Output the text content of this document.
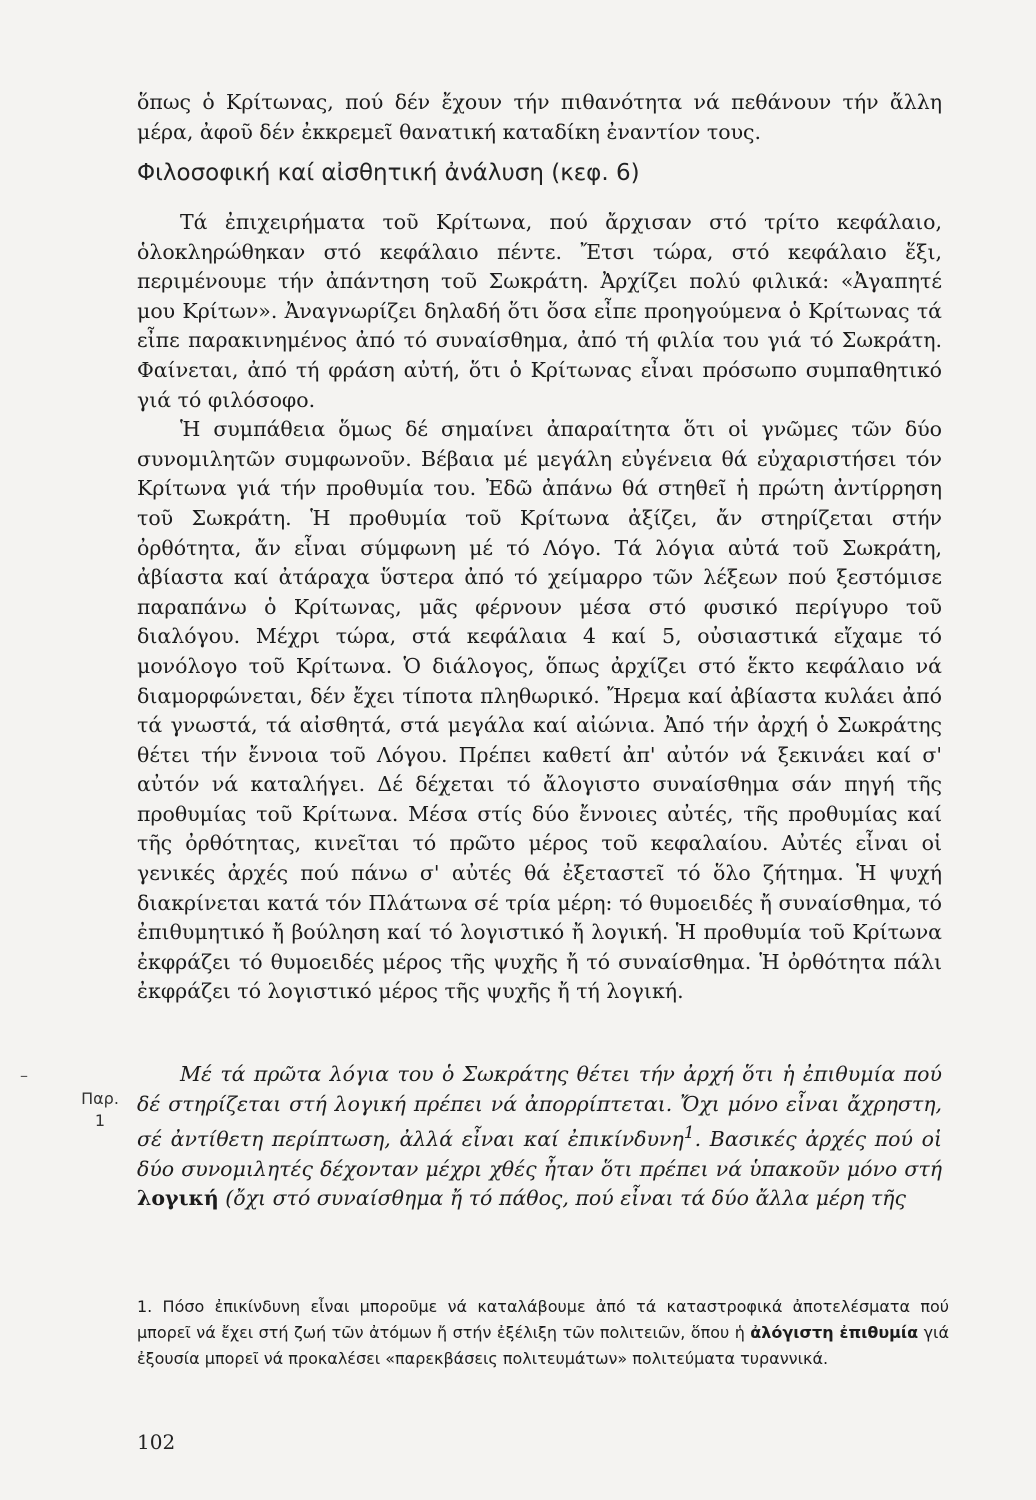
ὅπως ὁ Κρίτωνας, πού δέν ἔχουν τήν πιθανότητα νά πεθάνουν τήν ἄλλη μέρα, ἀφοῦ δέν ἐκκρεμεῖ θανατική καταδίκη ἐναντίον τους.

Φιλοσοφική καί αἰσθητική ἀνάλυση (κεφ. 6)

Τά ἐπιχειρήματα τοῦ Κρίτωνα, πού ἄρχισαν στό τρίτο κεφάλαιο, ὁλοκληρώθηκαν στό κεφάλαιο πέντε. Ἔτσι τώρα, στό κεφάλαιο ἕξι, περιμένουμε τήν ἀπάντηση τοῦ Σωκράτη. Ἀρχίζει πολύ φιλικά: «Ἀγαπητέ μου Κρίτων». Ἀναγνωρίζει δηλαδή ὅτι ὅσα εἶπε προηγούμενα ὁ Κρίτωνας τά εἶπε παρακινημένος ἀπό τό συναίσθημα, ἀπό τή φιλία του γιά τό Σωκράτη. Φαίνεται, ἀπό τή φράση αὐτή, ὅτι ὁ Κρίτωνας εἶναι πρόσωπο συμπαθητικό γιά τό φιλόσοφο.

Ἡ συμπάθεια ὅμως δέ σημαίνει ἀπαραίτητα ὅτι οἱ γνῶμες τῶν δύο συνομιλητῶν συμφωνοῦν. Βέβαια μέ μεγάλη εὐγένεια θά εὐχαριστήσει τόν Κρίτωνα γιά τήν προθυμία του. Ἐδῶ ἀπάνω θά στηθεῖ ἡ πρώτη ἀντίρρηση τοῦ Σωκράτη. Ἡ προθυμία τοῦ Κρίτωνα ἀξίζει, ἄν στηρίζεται στήν ὀρθότητα, ἄν εἶναι σύμφωνη μέ τό Λόγο. Τά λόγια αὐτά τοῦ Σωκράτη, ἀβίαστα καί ἀτάραχα ὕστερα ἀπό τό χείμαρρο τῶν λέξεων πού ξεστόμισε παραπάνω ὁ Κρίτωνας, μᾶς φέρνουν μέσα στό φυσικό περίγυρο τοῦ διαλόγου. Μέχρι τώρα, στά κεφάλαια 4 καί 5, οὐσιαστικά εἴχαμε τό μονόλογο τοῦ Κρίτωνα. Ὁ διάλογος, ὅπως ἀρχίζει στό ἕκτο κεφάλαιο νά διαμορφώνεται, δέν ἔχει τίποτα πληθωρικό. Ἤρεμα καί ἀβίαστα κυλάει ἀπό τά γνωστά, τά αἰσθητά, στά μεγάλα καί αἰώνια. Ἀπό τήν ἀρχή ὁ Σωκράτης θέτει τήν ἔννοια τοῦ Λόγου. Πρέπει καθετί ἀπ' αὐτόν νά ξεκινάει καί σ' αὐτόν νά καταλήγει. Δέ δέχεται τό ἄλογιστο συναίσθημα σάν πηγή τῆς προθυμίας τοῦ Κρίτωνα. Μέσα στίς δύο ἔννοιες αὐτές, τῆς προθυμίας καί τῆς ὀρθότητας, κινεῖται τό πρῶτο μέρος τοῦ κεφαλαίου. Αὐτές εἶναι οἱ γενικές ἀρχές πού πάνω σ' αὐτές θά ἐξεταστεῖ τό ὅλο ζήτημα. Ἡ ψυχή διακρίνεται κατά τόν Πλάτωνα σέ τρία μέρη: τό θυμοειδές ἤ συναίσθημα, τό ἐπιθυμητικό ἤ βούληση καί τό λογιστικό ἤ λογική. Ἡ προθυμία τοῦ Κρίτωνα ἐκφράζει τό θυμοειδές μέρος τῆς ψυχῆς ἤ τό συναίσθημα. Ἡ ὀρθότητα πάλι ἐκφράζει τό λογιστικό μέρος τῆς ψυχῆς ἤ τή λογική.

–
Παρ.
1

Μέ τά πρῶτα λόγια του ὁ Σωκράτης θέτει τήν ἀρχή ὅτι ἡ ἐπιθυμία πού δέ στηρίζεται στή λογική πρέπει νά ἀπορρίπτεται. Ὄχι μόνο εἶναι ἄχρηστη, σέ ἀντίθετη περίπτωση, ἀλλά εἶναι καί ἐπικίνδυνη$^1$. Βασικές ἀρχές πού οἱ δύο συνομιλητές δέχονταν μέχρι χθές ἦταν ὅτι πρέπει νά ὑπακοῦν μόνο στή λογική (ὄχι στό συναίσθημα ἤ τό πάθος, πού εἶναι τά δύο ἄλλα μέρη τῆς

1. Πόσο ἐπικίνδυνη εἶναι μποροῦμε νά καταλάβουμε ἀπό τά καταστροφικά ἀποτελέσματα πού μπορεῖ νά ἔχει στή ζωή τῶν ἀτόμων ἤ στήν ἐξέλιξη τῶν πολιτειῶν, ὅπου ἡ ἀλόγιστη ἐπιθυμία γιά ἐξουσία μπορεῖ νά προκαλέσει «παρεκβάσεις πολιτευμάτων» πολιτεύματα τυραννικά.

102
